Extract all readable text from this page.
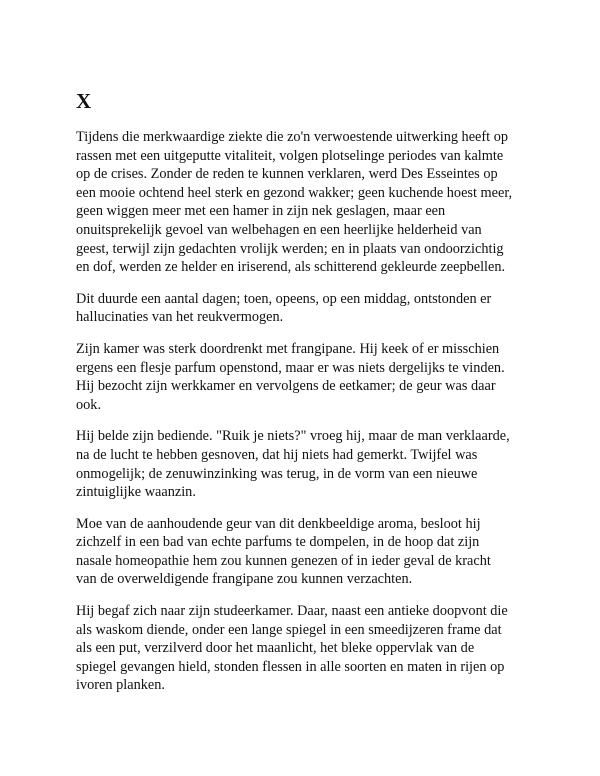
X

Tijdens die merkwaardige ziekte die zo'n verwoestende uitwerking heeft op
rassen met een uitgeputte vitaliteit, volgen plotselinge periodes van kalmte
op de crises. Zonder de reden te kunnen verklaren, werd Des Esseintes op
een mooie ochtend heel sterk en gezond wakker; geen kuchende hoest meer,
geen wiggen meer met een hamer in zijn nek geslagen, maar een
onuitsprekelijk gevoel van welbehagen en een heerlijke helderheid van
geest, terwijl zijn gedachten vrolijk werden; en in plaats van ondoorzichtig
en dof, werden ze helder en iriserend, als schitterend gekleurde zeepbellen.

Dit duurde een aantal dagen; toen, opeens, op een middag, ontstonden er
hallucinaties van het reukvermogen.

Zijn kamer was sterk doordrenkt met frangipane. Hij keek of er misschien
ergens een flesje parfum openstond, maar er was niets dergelijks te vinden.
Hij bezocht zijn werkkamer en vervolgens de eetkamer; de geur was daar
ook.

Hij belde zijn bediende. "Ruik je niets?" vroeg hij, maar de man verklaarde,
na de lucht te hebben gesnoven, dat hij niets had gemerkt. Twijfel was
onmogelijk; de zenuwinzinking was terug, in de vorm van een nieuwe
zintuiglijke waanzin.

Moe van de aanhoudende geur van dit denkbeeldige aroma, besloot hij
zichzelf in een bad van echte parfums te dompelen, in de hoop dat zijn
nasale homeopathie hem zou kunnen genezen of in ieder geval de kracht
van de overweldigende frangipane zou kunnen verzachten.

Hij begaf zich naar zijn studeerkamer. Daar, naast een antieke doopvont die
als waskom diende, onder een lange spiegel in een smeedijzeren frame dat
als een put, verzilverd door het maanlicht, het bleke oppervlak van de
spiegel gevangen hield, stonden flessen in alle soorten en maten in rijen op
ivoren planken.
